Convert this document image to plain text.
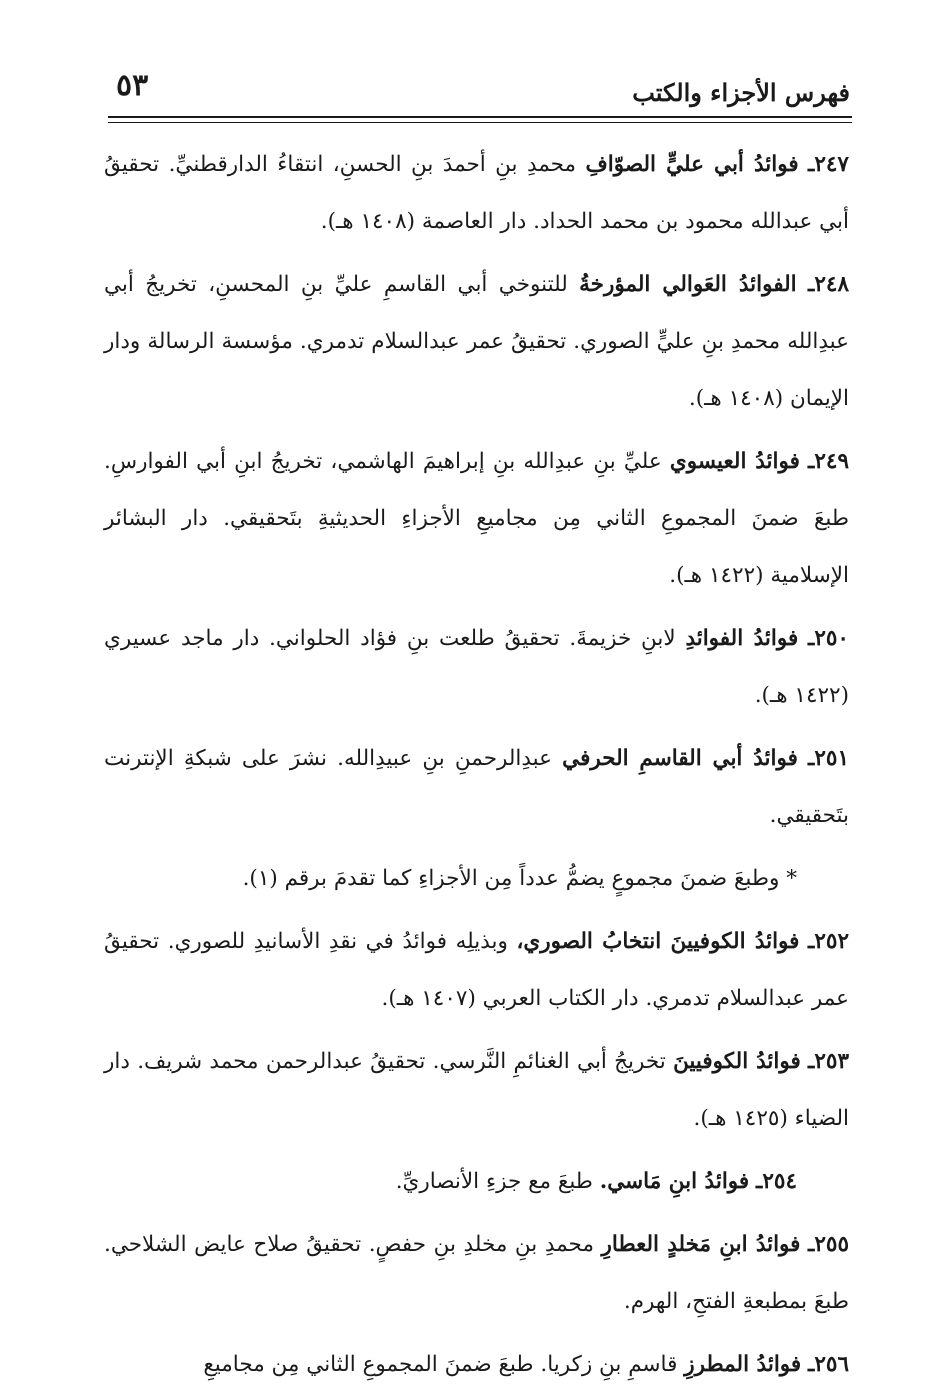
٥٣	فهرس الأجزاء والكتب

٢٤٧ـ فوائدُ أبي عليٍّ الصوّافِ محمدِ بنِ أحمدَ بنِ الحسنِ، انتقاءُ الدارقطنيِّ. تحقيقُ أبي عبدالله محمود بن محمد الحداد. دار العاصمة (١٤٠٨ هـ).

٢٤٨ـ الفوائدُ العَوالي المؤرخةُ للتنوخي أبي القاسمِ عليِّ بنِ المحسنِ، تخريجُ أبي عبدِالله محمدِ بنِ عليٍّ الصوري. تحقيقُ عمر عبدالسلام تدمري. مؤسسة الرسالة ودار الإيمان (١٤٠٨ هـ).

٢٤٩ـ فوائدُ العيسوي عليِّ بنِ عبدِالله بنِ إبراهيمَ الهاشمي، تخريجُ ابنِ أبي الفوارسِ. طبعَ ضمنَ المجموعِ الثاني مِن مجاميعِ الأجزاءِ الحديثيةِ بتَحقيقي. دار البشائر الإسلامية (١٤٢٢ هـ).

٢٥٠ـ فوائدُ الفوائدِ لابنِ خزيمةَ. تحقيقُ طلعت بنِ فؤاد الحلواني. دار ماجد عسيري (١٤٢٢ هـ).

٢٥١ـ فوائدُ أبي القاسمِ الحرفي عبدِالرحمنِ بنِ عبيدِالله. نشرَ على شبكةِ الإنترنت بتَحقيقي.

* وطبعَ ضمنَ مجموعٍ يضمُّ عدداً مِن الأجزاءِ كما تقدمَ برقم (١).

٢٥٢ـ فوائدُ الكوفيينَ انتخابُ الصوري، وبذيلِه فوائدُ في نقدِ الأسانيدِ للصوري. تحقيقُ عمر عبدالسلام تدمري. دار الكتاب العربي (١٤٠٧ هـ).

٢٥٣ـ فوائدُ الكوفيينَ تخريجُ أبي الغنائمِ النَّرسي. تحقيقُ عبدالرحمن محمد شريف. دار الضياء (١٤٢٥ هـ).

٢٥٤ـ فوائدُ ابنِ مَاسي. طبعَ مع جزءِ الأنصاريِّ.

٢٥٥ـ فوائدُ ابنِ مَخلدٍ العطارِ محمدِ بنِ مخلدِ بنِ حفصٍ. تحقيقُ صلاح عايض الشلاحي. طبعَ بمطبعةِ الفتحِ، الهرم.

٢٥٦ـ فوائدُ المطرزِ قاسمِ بنِ زكريا. طبعَ ضمنَ المجموعِ الثاني مِن مجاميعِ
